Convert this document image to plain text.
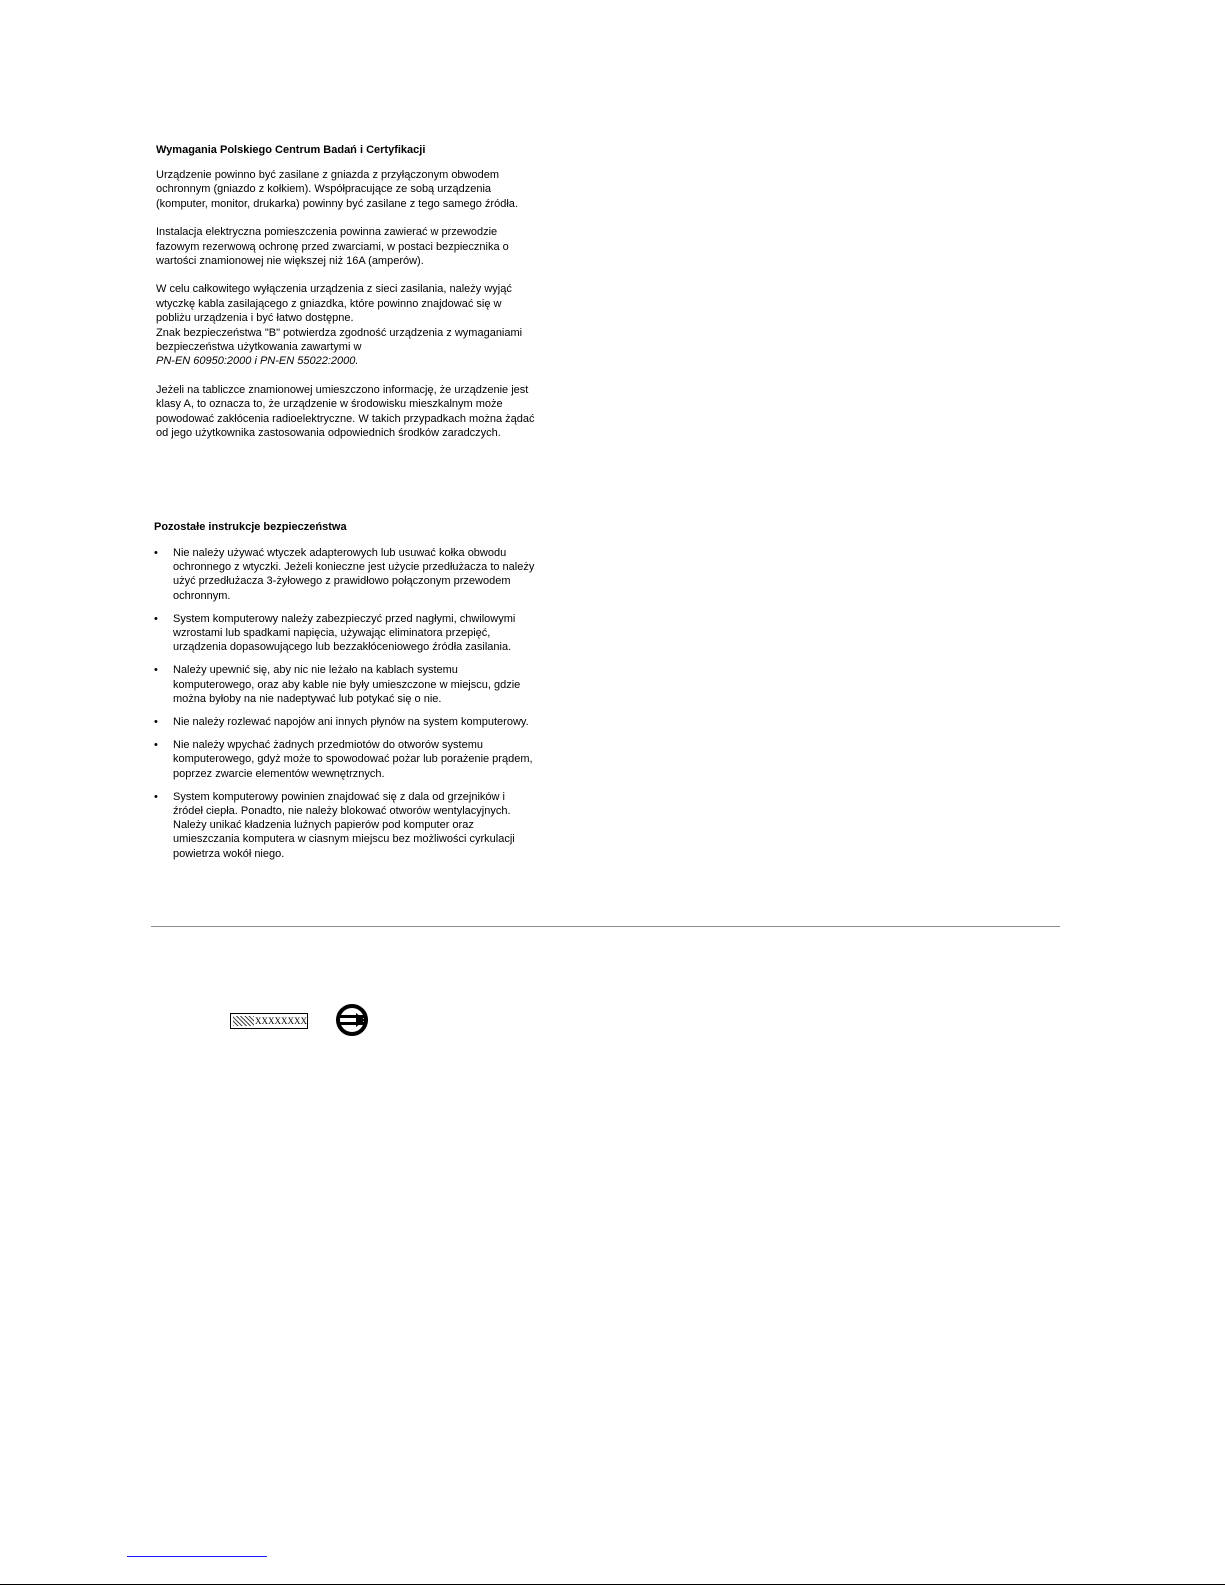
Wymagania Polskiego Centrum Badań i Certyfikacji

Urządzenie powinno być zasilane z gniazda z przyłączonym obwodem ochronnym (gniazdo z kołkiem). Współpracujące ze sobą urządzenia (komputer, monitor, drukarka) powinny być zasilane z tego samego źródła.

Instalacja elektryczna pomieszczenia powinna zawierać w przewodzie fazowym rezerwową ochronę przed zwarciami, w postaci bezpiecznika o wartości znamionowej nie większej niż 16A (amperów).

W celu całkowitego wyłączenia urządzenia z sieci zasilania, należy wyjąć wtyczkę kabla zasilającego z gniazdka, które powinno znajdować się w pobliżu urządzenia i być łatwo dostępne.

Znak bezpieczeństwa "B" potwierdza zgodność urządzenia z wymaganiami bezpieczeństwa użytkowania zawartymi w

PN-EN 60950:2000 i PN-EN 55022:2000.

Jeżeli na tabliczce znamionowej umieszczono informację, że urządzenie jest klasy A, to oznacza to, że urządzenie w środowisku mieszkalnym może powodować zakłócenia radioelektryczne. W takich przypadkach można żądać od jego użytkownika zastosowania odpowiednich środków zaradczych.

Pozostałe instrukcje bezpieczeństwa

• Nie należy używać wtyczek adapterowych lub usuwać kołka obwodu ochronnego z wtyczki. Jeżeli konieczne jest użycie przedłużacza to należy użyć przedłużacza 3-żyłowego z prawidłowo połączonym przewodem ochronnym.
• System komputerowy należy zabezpieczyć przed nagłymi, chwilowymi wzrostami lub spadkami napięcia, używając eliminatora przepięć, urządzenia dopasowującego lub bezzakłóceniowego źródła zasilania.
• Należy upewnić się, aby nic nie leżało na kablach systemu komputerowego, oraz aby kable nie były umieszczone w miejscu, gdzie można byłoby na nie nadeptywać lub potykać się o nie.
• Nie należy rozlewać napojów ani innych płynów na system komputerowy.
• Nie należy wpychać żadnych przedmiotów do otworów systemu komputerowego, gdyż może to spowodować pożar lub porażenie prądem, poprzez zwarcie elementów wewnętrznych.
• System komputerowy powinien znajdować się z dala od grzejników i źródeł ciepła. Ponadto, nie należy blokować otworów wentylacyjnych. Należy unikać kładzenia luźnych papierów pod komputer oraz umieszczania komputera w ciasnym miejscu bez możliwości cyrkulacji powietrza wokół niego.
XXXXXXXX
